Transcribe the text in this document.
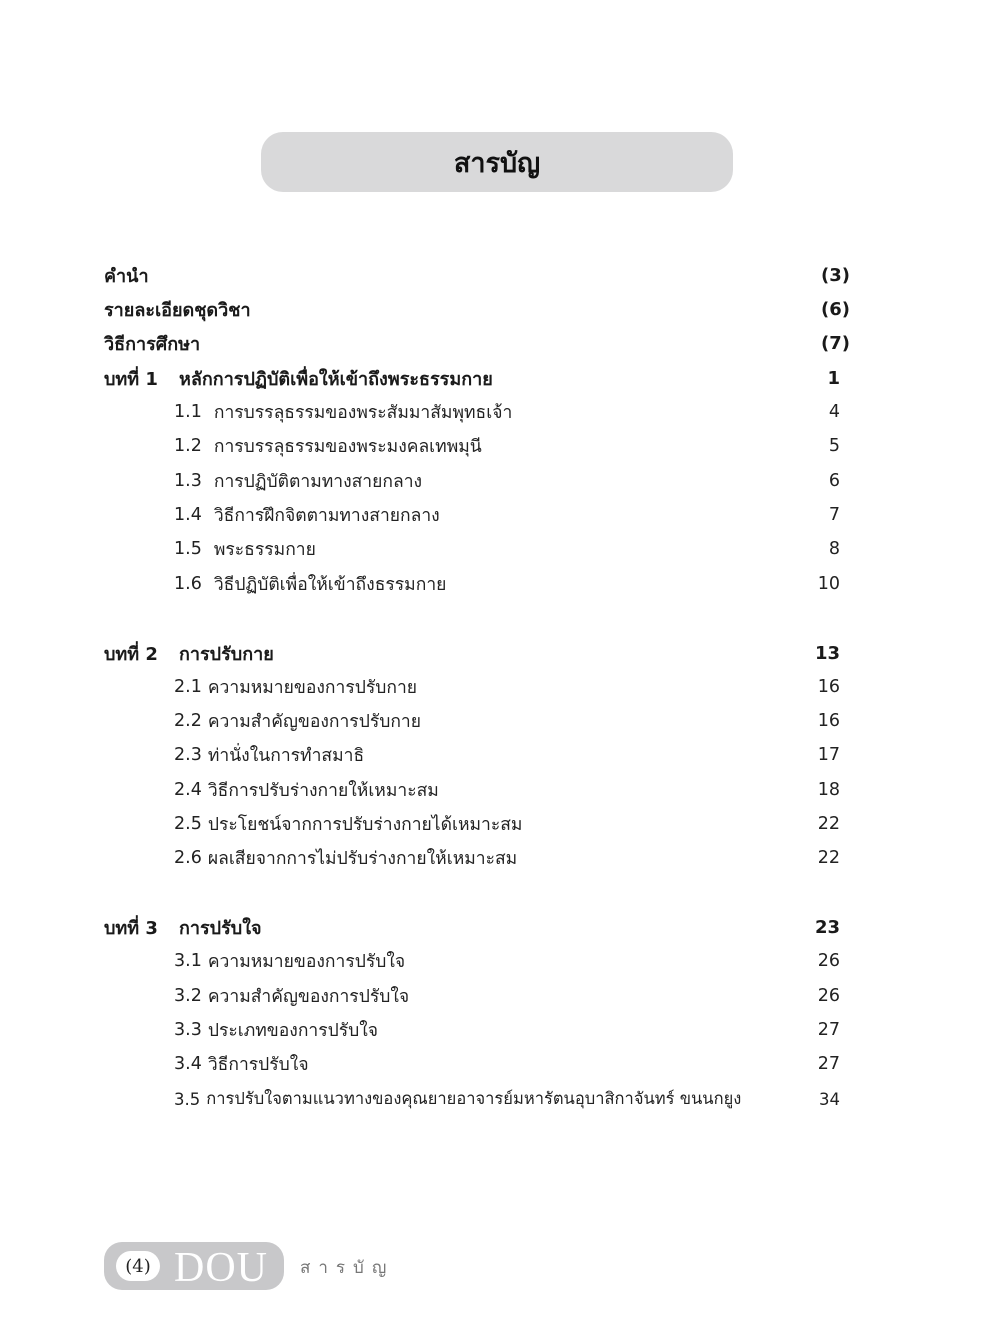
สารบัญ
คำนำ	(3)
รายละเอียดชุดวิชา	(6)
วิธีการศึกษา	(7)
บทที่ 1	หลักการปฏิบัติเพื่อให้เข้าถึงพระธรรมกาย	1
1.1 การบรรลุธรรมของพระสัมมาสัมพุทธเจ้า	4
1.2 การบรรลุธรรมของพระมงคลเทพมุนี	5
1.3 การปฏิบัติตามทางสายกลาง	6
1.4 วิธีการฝึกจิตตามทางสายกลาง	7
1.5 พระธรรมกาย	8
1.6 วิธีปฏิบัติเพื่อให้เข้าถึงธรรมกาย	10
บทที่ 2	การปรับกาย	13
2.1 ความหมายของการปรับกาย	16
2.2 ความสำคัญของการปรับกาย	16
2.3 ท่านั่งในการทำสมาธิ	17
2.4 วิธีการปรับร่างกายให้เหมาะสม	18
2.5 ประโยชน์จากการปรับร่างกายได้เหมาะสม	22
2.6 ผลเสียจากการไม่ปรับร่างกายให้เหมาะสม	22
บทที่ 3	การปรับใจ	23
3.1 ความหมายของการปรับใจ	26
3.2 ความสำคัญของการปรับใจ	26
3.3 ประเภทของการปรับใจ	27
3.4 วิธีการปรับใจ	27
3.5 การปรับใจตามแนวทางของคุณยายอาจารย์มหารัตนอุบาสิกาจันทร์ ขนนกยูง	34
(4) DOU สารบัญ
